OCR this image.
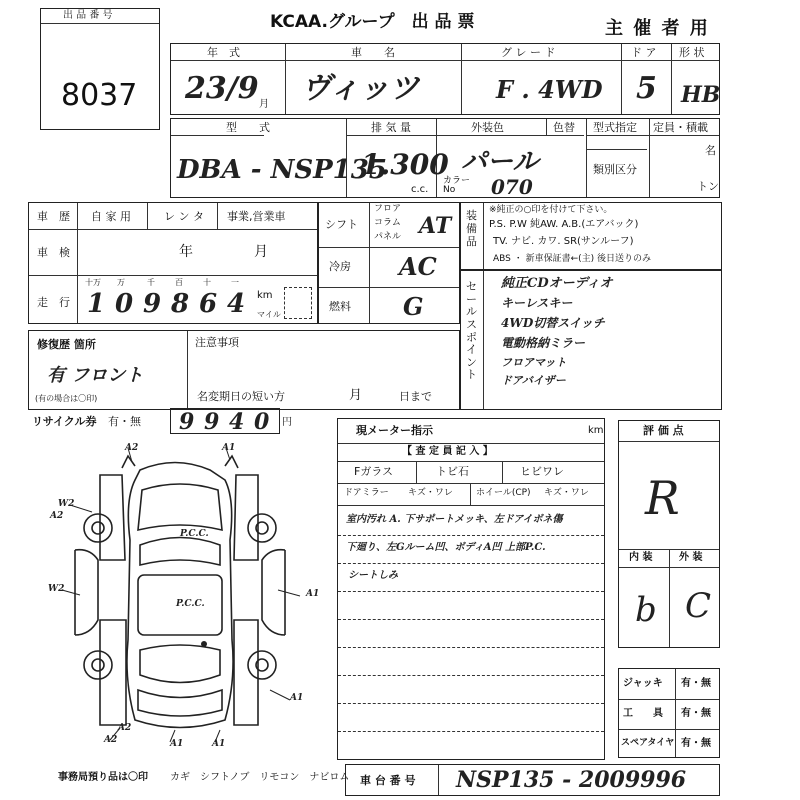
出 品 番 号
8037
KCAA.グループ　出 品 票	主 催 者 用
年　式
23/9 月
車　　名
ヴィッツ
グ レ ー ド
F . 4WD
ド ア
5
形 状
HB
型　　式
DBA - NSP135
排 気 量
1.300
c.c.
外装色	色替
パール
カラー No	070
型式指定
類別区分
定員・積載
名
トン
車　歴 自 家 用	レ ン タ 事業,営業車
車　検	年	月
走　行
十万 万	千	百	十	一
1 0 9 8 6 4 km
マイル
シフト
フロア
コラム
パネル AT
冷房 AC
燃料 G
装備品
※純正の○印を付けて下さい。
P.S. P.W 純AW. A.B.(エアバック)
TV. ナビ. カワ. SR(サンルーフ)
ABS ・ 新車保証書←(主) 後日送りのみ
セールスポイント
純正CDオーディオ
キーレスキー
4WD切替スイッチ
電動格納ミラー
フロアマット
ドアバイザー
修復歴 箇所
有 フロント
(有の場合は〇印)
注意事項
名変期日の短い方	月	日まで
リサイクル券 有・無 9 9 4 0 円
現メーター指示	km
【 査 定 員 記 入 】
Fガラス	トビ石	ヒビワレ
ドアミラー キズ・ワレ	ホイール(CP) キズ・ワレ
室内汚れ A. 下サポートメッキ、左ドアイボネ傷
下廻り、左Gルーム凹、ボディA凹 上部P.C.
シートしみ
評 価 点
R
内 装	外 装
b C
ジャッキ
工　　具
スペアタイヤ
有・無
有・無
有・無
A2	A1
W2
W2
A2
P.C.C.
P.C.C.
A1
A2	A1	A1
A2
A1
事務局預り品は〇印 カギ　シフトノブ　リモコン　ナビロム 車 台 番 号 NSP135 - 2009996
